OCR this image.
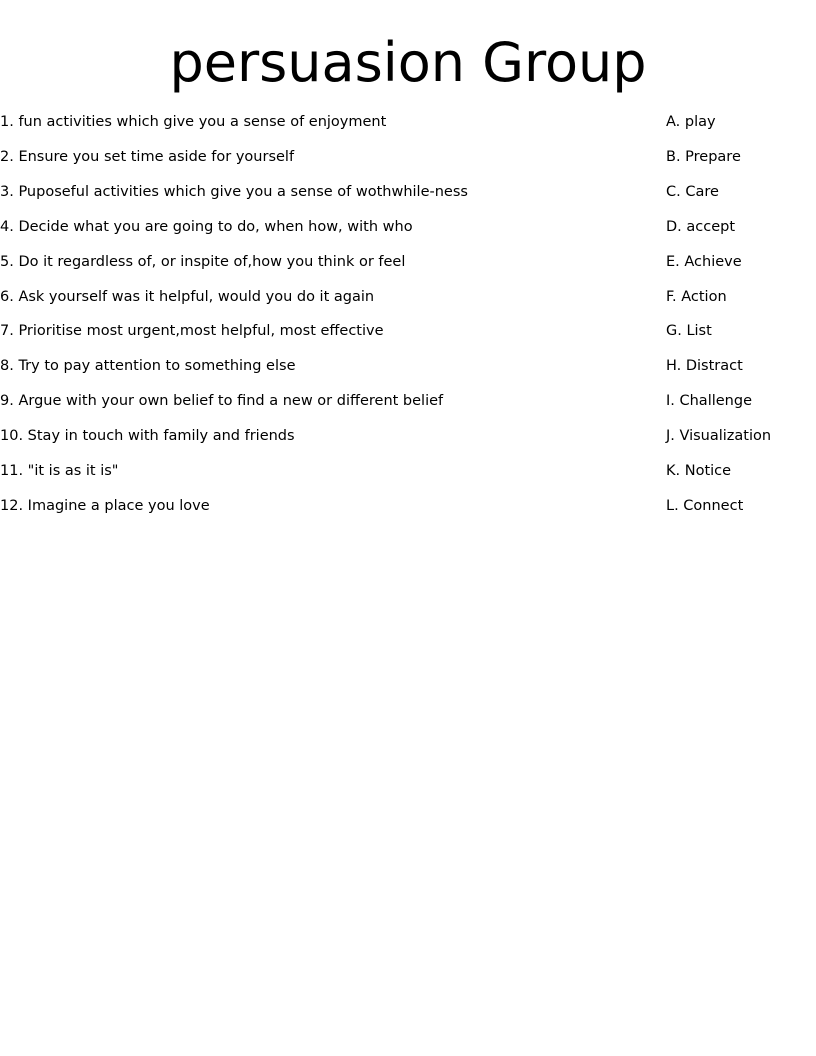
persuasion Group
1. fun activities which give you a sense of enjoyment	A. play
2. Ensure you set time aside for yourself	B. Prepare
3. Puposeful activities which give you a sense of wothwhile-ness	C. Care
4. Decide what you are going to do, when how, with who	D. accept
5. Do it regardless of, or inspite of,how you think or feel	E. Achieve
6. Ask yourself was it helpful, would you do it again	F. Action
7. Prioritise most urgent,most helpful, most effective	G. List
8. Try to pay attention to something else	H. Distract
9. Argue with your own belief to find a new or different belief	I. Challenge
10. Stay in touch with family and friends	J. Visualization
11. "it is as it is"	K. Notice
12. Imagine a place you love	L. Connect
